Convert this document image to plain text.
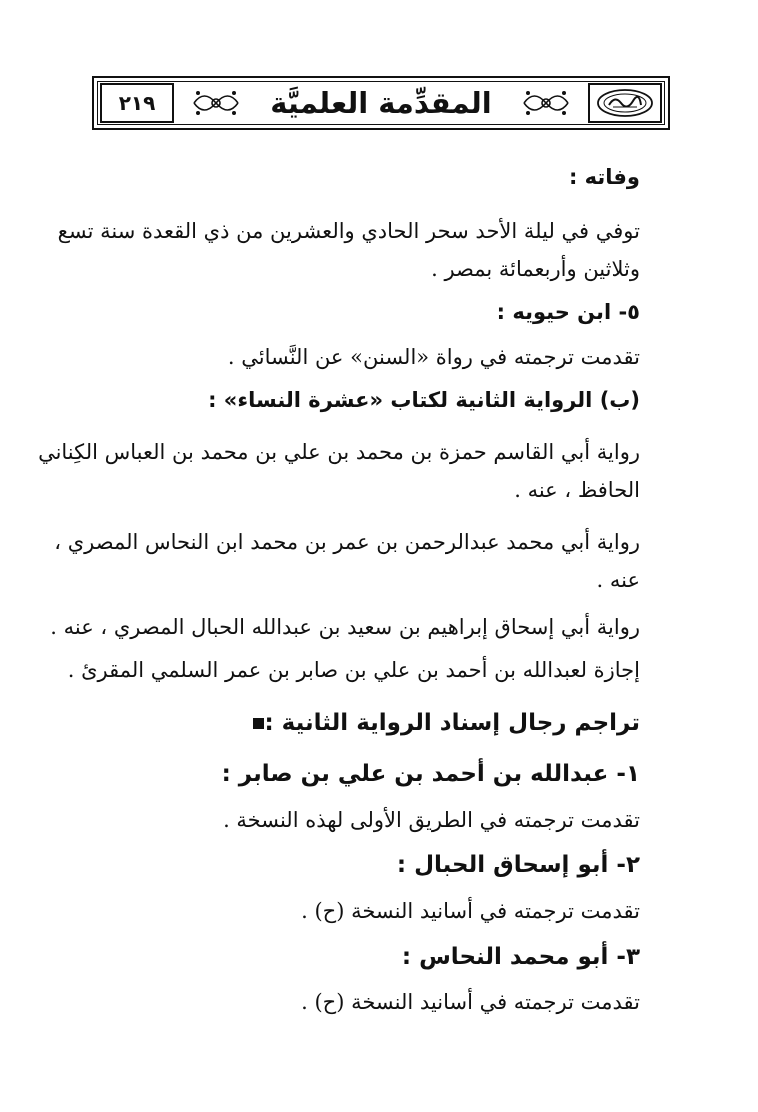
٢١٩	المقدِّمة العلميَّة
وفاته :
توفي في ليلة الأحد سحر الحادي والعشرين من ذي القعدة سنة تسع
وثلاثين وأربعمائة بمصر .
٥- ابن حيويه :
تقدمت ترجمته في رواة «السنن» عن النَّسائي .
(ب) الرواية الثانية لكتاب «عشرة النساء» :
رواية أبي القاسم حمزة بن محمد بن علي بن محمد بن العباس الكِناني
الحافظ ، عنه .
رواية أبي محمد عبدالرحمن بن عمر بن محمد ابن النحاس المصري ،
عنه .
رواية أبي إسحاق إبراهيم بن سعيد بن عبدالله الحبال المصري ، عنه .
إجازة لعبدالله بن أحمد بن علي بن صابر بن عمر السلمي المقرئ .
تراجم رجال إسناد الرواية الثانية :
١- عبدالله بن أحمد بن علي بن صابر :
تقدمت ترجمته في الطريق الأولى لهذه النسخة .
٢- أبو إسحاق الحبال :
تقدمت ترجمته في أسانيد النسخة (ح) .
٣- أبو محمد النحاس :
تقدمت ترجمته في أسانيد النسخة (ح) .
